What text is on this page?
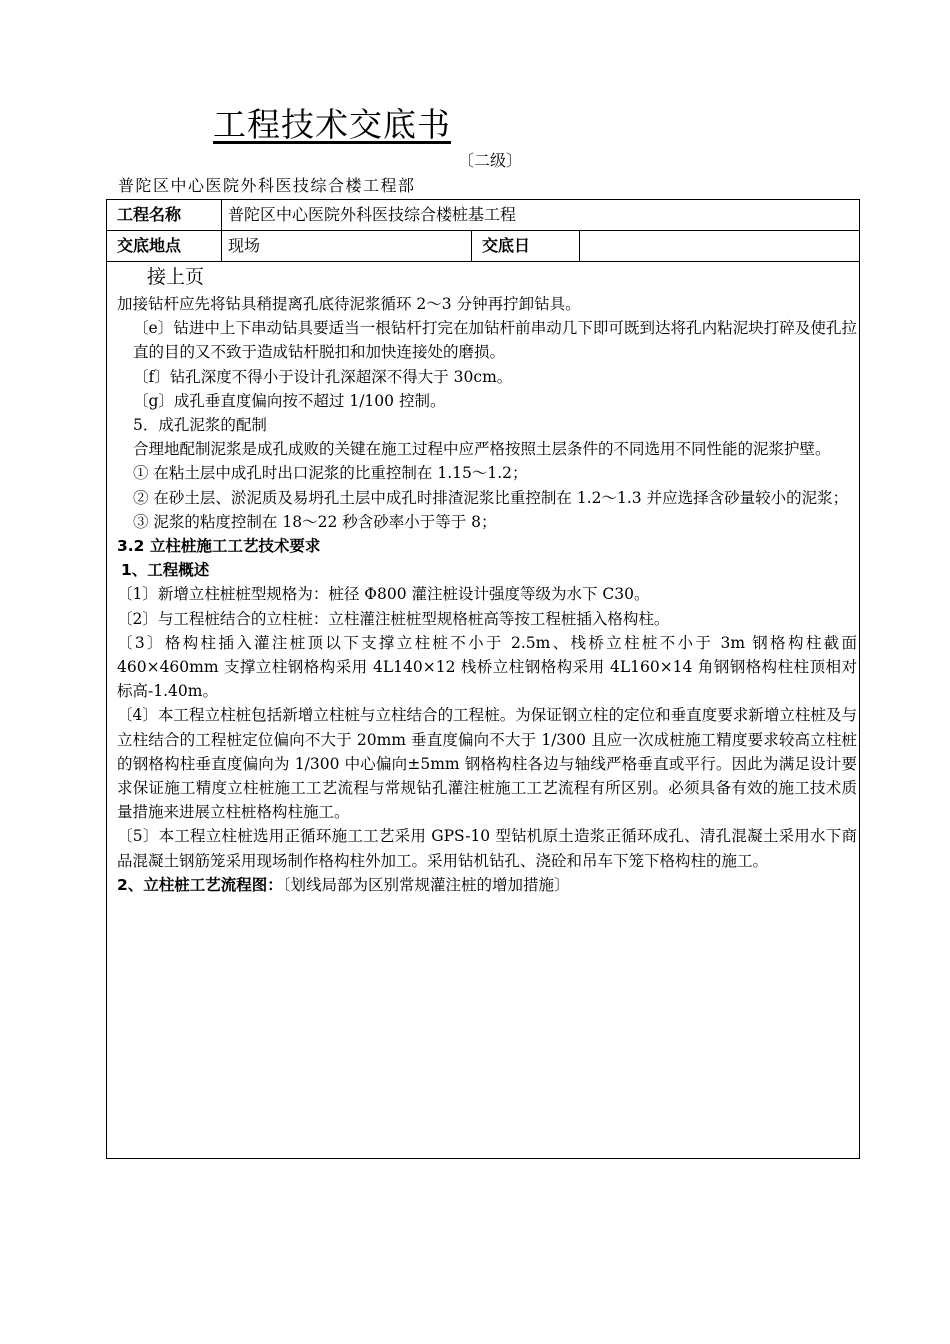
工程技术交底书
〔二级〕
普陀区中心医院外科医技综合楼工程部
工程名称	普陀区中心医院外科医技综合楼桩基工程
交底地点	现场	交底日

接上页

加接钻杆应先将钻具稍提离孔底待泥浆循环 2～3 分钟再拧卸钻具。

〔e〕钻进中上下串动钻具要适当一根钻杆打完在加钻杆前串动几下即可既到达将孔内粘泥块打碎及使孔拉直的目的又不致于造成钻杆脱扣和加快连接处的磨损。

〔f〕钻孔深度不得小于设计孔深超深不得大于 30cm。

〔g〕成孔垂直度偏向按不超过 1/100 控制。

5．成孔泥浆的配制

合理地配制泥浆是成孔成败的关键在施工过程中应严格按照土层条件的不同选用不同性能的泥浆护壁。

① 在粘土层中成孔时出口泥浆的比重控制在 1.15～1.2；

② 在砂土层、淤泥质及易坍孔土层中成孔时排渣泥浆比重控制在 1.2～1.3 并应选择含砂量较小的泥浆；

③ 泥浆的粘度控制在 18～22 秒含砂率小于等于 8；

3.2 立柱桩施工工艺技术要求

1、工程概述

〔1〕新增立柱桩桩型规格为：桩径 Φ800 灌注桩设计强度等级为水下 C30。

〔2〕与工程桩结合的立柱桩：立柱灌注桩桩型规格桩高等按工程桩插入格构柱。

〔3〕格构柱插入灌注桩顶以下支撑立柱桩不小于 2.5m、栈桥立柱桩不小于 3m 钢格构柱截面 460×460mm 支撑立柱钢格构采用 4L140×12 栈桥立柱钢格构采用 4L160×14 角钢钢格构柱柱顶相对标高-1.40m。

〔4〕本工程立柱桩包括新增立柱桩与立柱结合的工程桩。为保证钢立柱的定位和垂直度要求新增立柱桩及与立柱结合的工程桩定位偏向不大于 20mm 垂直度偏向不大于 1/300 且应一次成桩施工精度要求较高立柱桩的钢格构柱垂直度偏向为 1/300 中心偏向±5mm 钢格构柱各边与轴线严格垂直或平行。因此为满足设计要求保证施工精度立柱桩施工工艺流程与常规钻孔灌注桩施工工艺流程有所区别。必须具备有效的施工技术质量措施来进展立柱桩格构柱施工。

〔5〕本工程立柱桩选用正循环施工工艺采用 GPS-10 型钻机原土造浆正循环成孔、清孔混凝土采用水下商品混凝土钢筋笼采用现场制作格构柱外加工。采用钻机钻孔、浇砼和吊车下笼下格构柱的施工。

2、立柱桩工艺流程图：〔划线局部为区别常规灌注桩的增加措施〕
